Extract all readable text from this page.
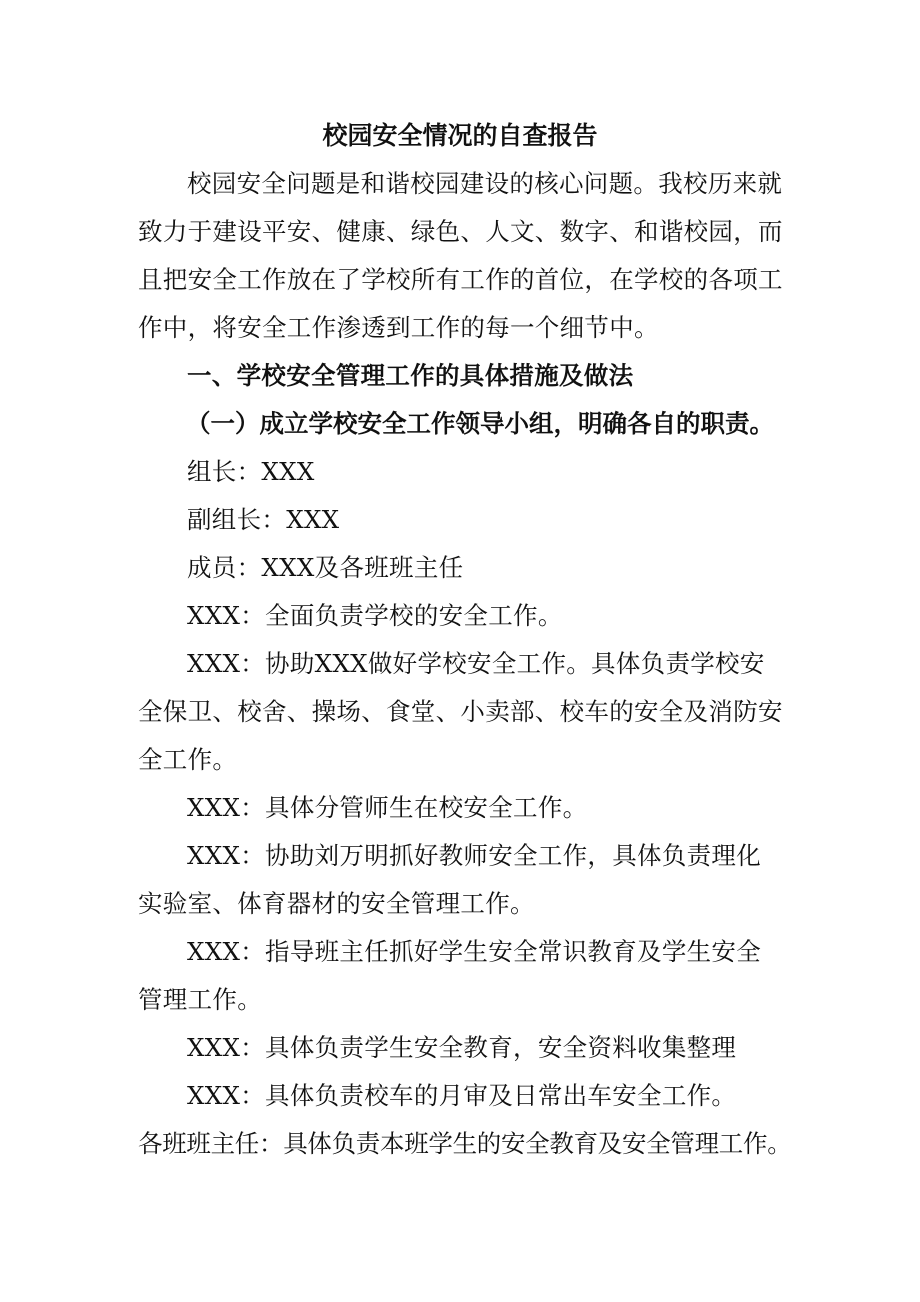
校园安全情况的自查报告

校园安全问题是和谐校园建设的核心问题。我校历来就致力于建设平安、健康、绿色、人文、数字、和谐校园，而且把安全工作放在了学校所有工作的首位，在学校的各项工作中，将安全工作渗透到工作的每一个细节中。

一、学校安全管理工作的具体措施及做法

（一）成立学校安全工作领导小组，明确各自的职责。

组长：XXX

副组长：XXX

成员：XXX及各班班主任

XXX：全面负责学校的安全工作。

XXX：协助XXX做好学校安全工作。具体负责学校安全保卫、校舍、操场、食堂、小卖部、校车的安全及消防安全工作。

XXX：具体分管师生在校安全工作。

XXX：协助刘万明抓好教师安全工作，具体负责理化实验室、体育器材的安全管理工作。

XXX：指导班主任抓好学生安全常识教育及学生安全管理工作。

XXX：具体负责学生安全教育，安全资料收集整理

XXX：具体负责校车的月审及日常出车安全工作。

各班班主任：具体负责本班学生的安全教育及安全管理工作。
